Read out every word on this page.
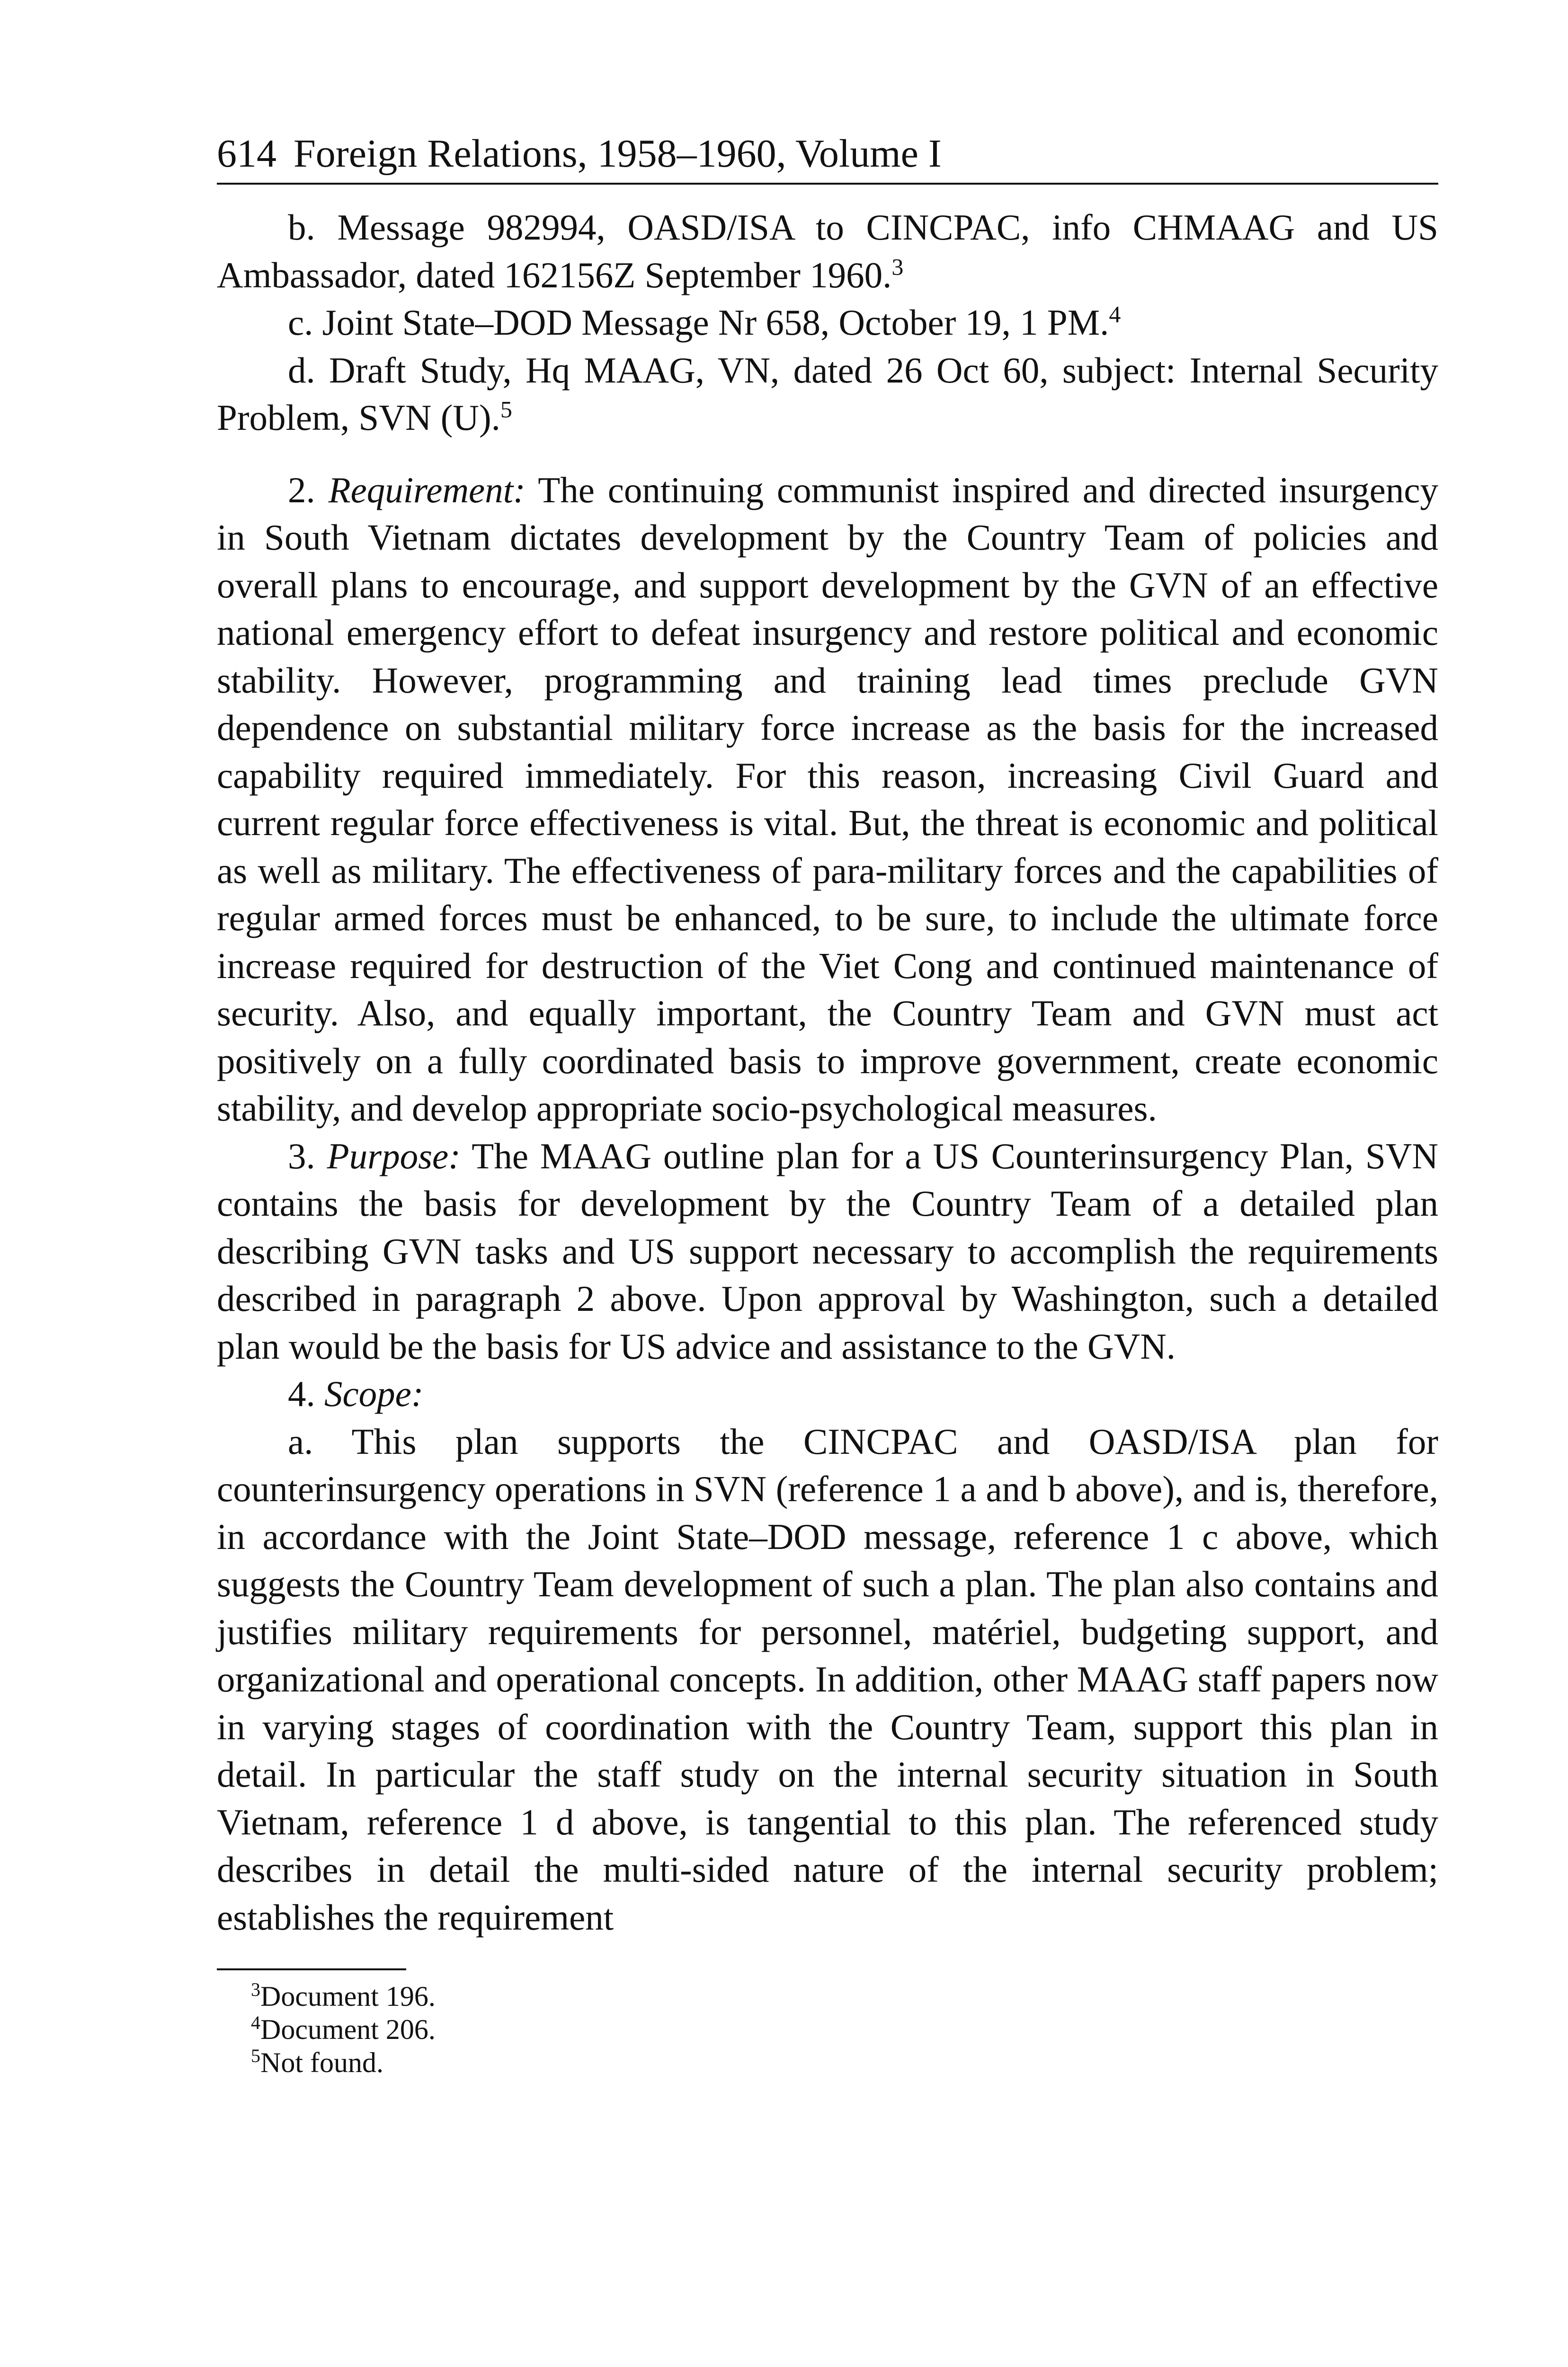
614 Foreign Relations, 1958–1960, Volume I

b. Message 982994, OASD/ISA to CINCPAC, info CHMAAG and US Ambassador, dated 162156Z September 1960.$^3$

c. Joint State–DOD Message Nr 658, October 19, 1 PM.$^4$

d. Draft Study, Hq MAAG, VN, dated 26 Oct 60, subject: Internal Security Problem, SVN (U).$^5$

2. Requirement: The continuing communist inspired and directed insurgency in South Vietnam dictates development by the Country Team of policies and overall plans to encourage, and support development by the GVN of an effective national emergency effort to defeat insurgency and restore political and economic stability. However, programming and training lead times preclude GVN dependence on substantial military force increase as the basis for the increased capability required immediately. For this reason, increasing Civil Guard and current regular force effectiveness is vital. But, the threat is economic and political as well as military. The effectiveness of para-military forces and the capabilities of regular armed forces must be enhanced, to be sure, to include the ultimate force increase required for destruction of the Viet Cong and continued maintenance of security. Also, and equally important, the Country Team and GVN must act positively on a fully coordinated basis to improve government, create economic stability, and develop appropriate socio-psychological measures.

3. Purpose: The MAAG outline plan for a US Counterinsurgency Plan, SVN contains the basis for development by the Country Team of a detailed plan describing GVN tasks and US support necessary to accomplish the requirements described in paragraph 2 above. Upon approval by Washington, such a detailed plan would be the basis for US advice and assistance to the GVN.

4. Scope:

a. This plan supports the CINCPAC and OASD/ISA plan for counterinsurgency operations in SVN (reference 1 a and b above), and is, therefore, in accordance with the Joint State–DOD message, reference 1 c above, which suggests the Country Team development of such a plan. The plan also contains and justifies military requirements for personnel, matériel, budgeting support, and organizational and operational concepts. In addition, other MAAG staff papers now in varying stages of coordination with the Country Team, support this plan in detail. In particular the staff study on the internal security situation in South Vietnam, reference 1 d above, is tangential to this plan. The referenced study describes in detail the multi-sided nature of the internal security problem; establishes the requirement

$^3$Document 196.
$^4$Document 206.
$^5$Not found.
